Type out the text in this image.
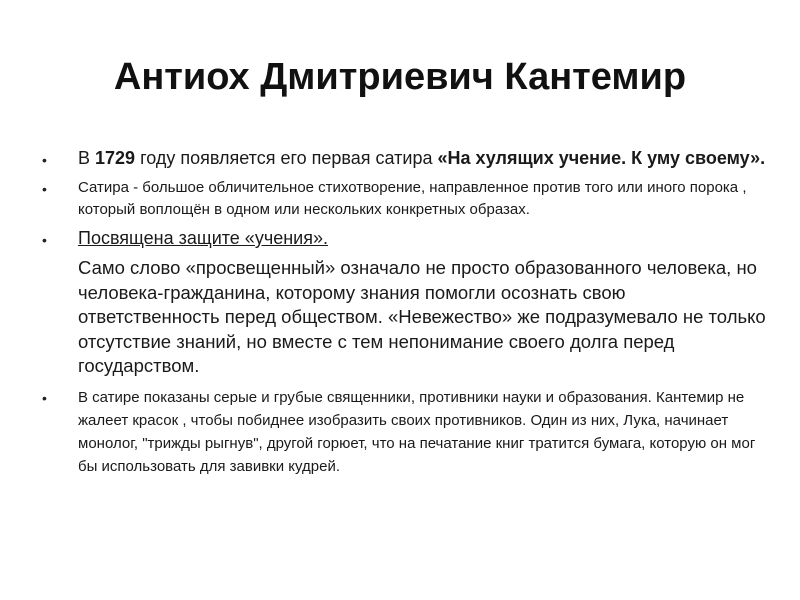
Антиох Дмитриевич Кантемир
• В 1729 году появляется его первая сатира «На хулящих учение. К уму своему».
• Сатира - большое обличительное стихотворение, направленное против того или иного порока , который воплощён в одном или нескольких конкретных образах.
• Посвящена защите «учения».
Само слово «просвещенный» означало не просто образованного человека, но человека-гражданина, которому знания помогли осознать свою ответственность перед обществом. «Невежество» же подразумевало не только отсутствие знаний, но вместе с тем непонимание своего долга перед государством.
• В сатире показаны серые и грубые священники, противники науки и образования. Кантемир не жалеет красок , чтобы побиднее изобразить своих противников. Один из них, Лука, начинает монолог, "трижды рыгнув", другой горюет, что на печатание книг тратится бумага, которую он мог бы использовать для завивки кудрей.
